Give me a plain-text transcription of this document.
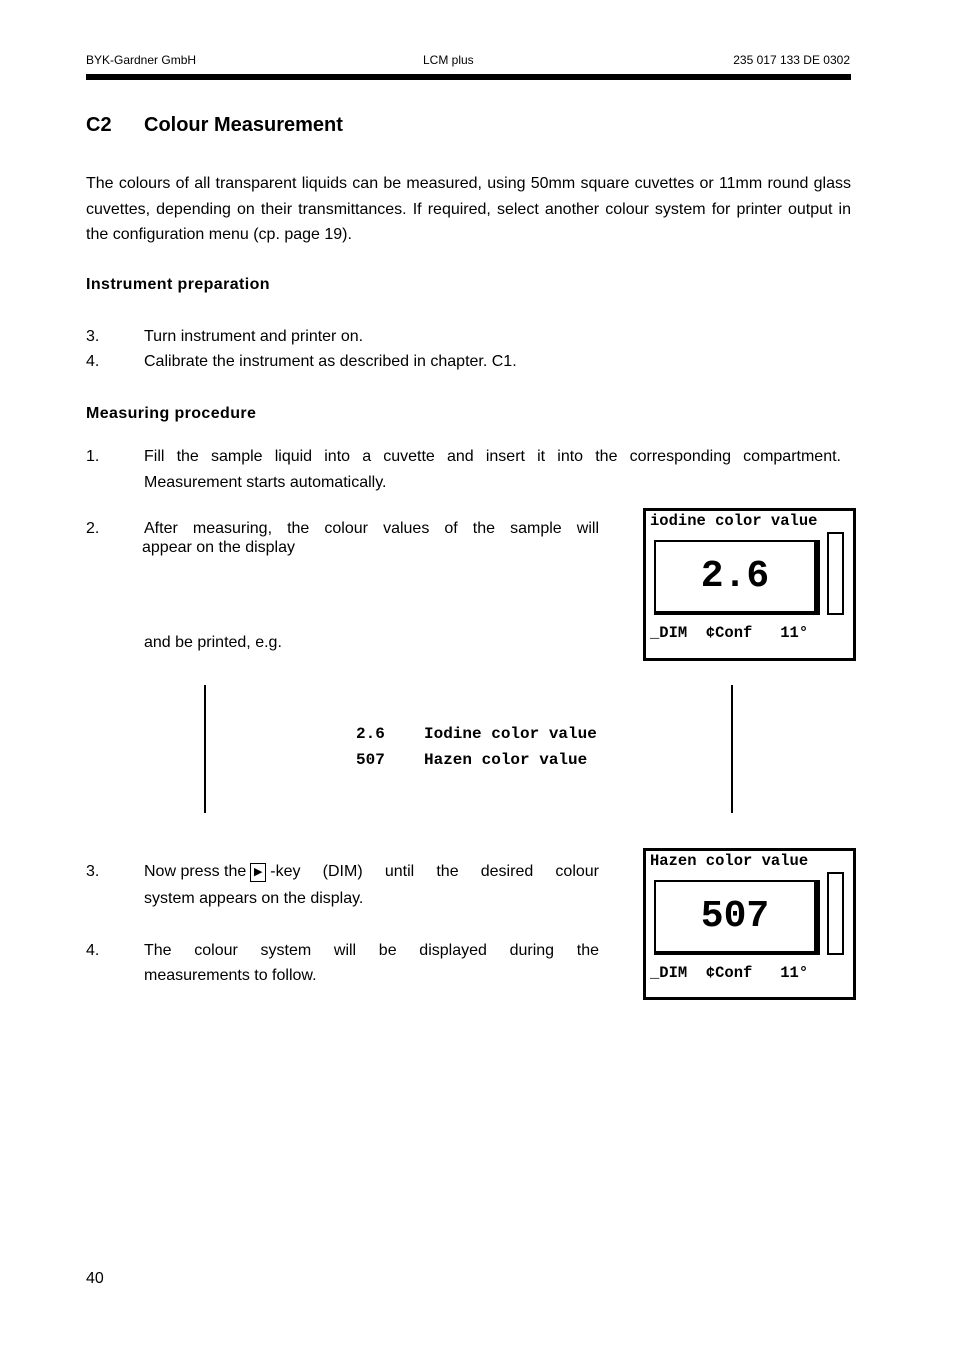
BYK-Gardner GmbH	LCM plus	235 017 133 DE 0302
C2 Colour Measurement
The colours of all transparent liquids can be measured, using 50mm square cuvettes or 11mm round glass cuvettes, depending on their transmittances. If required, select another colour system for printer output in the configuration menu (cp. page 19).
Instrument preparation
3.	Turn instrument and printer on.
4.	Calibrate the instrument as described in chapter. C1.
Measuring procedure
1.	Fill the sample liquid into a cuvette and insert it into the corresponding compartment. Measurement starts automatically.
2.	After measuring, the colour values of the sample will
appear on the display
and be printed, e.g.
iodine color value
2.6
_DIM  ¢Conf   11°
2.6 Iodine color value
507 Hazen color value
3.	Now press the ▶ -key (DIM) until the desired colour
system appears on the display.
4.	The colour system will be displayed during the
measurements to follow.
Hazen color value
507
_DIM  ¢Conf   11°
40
